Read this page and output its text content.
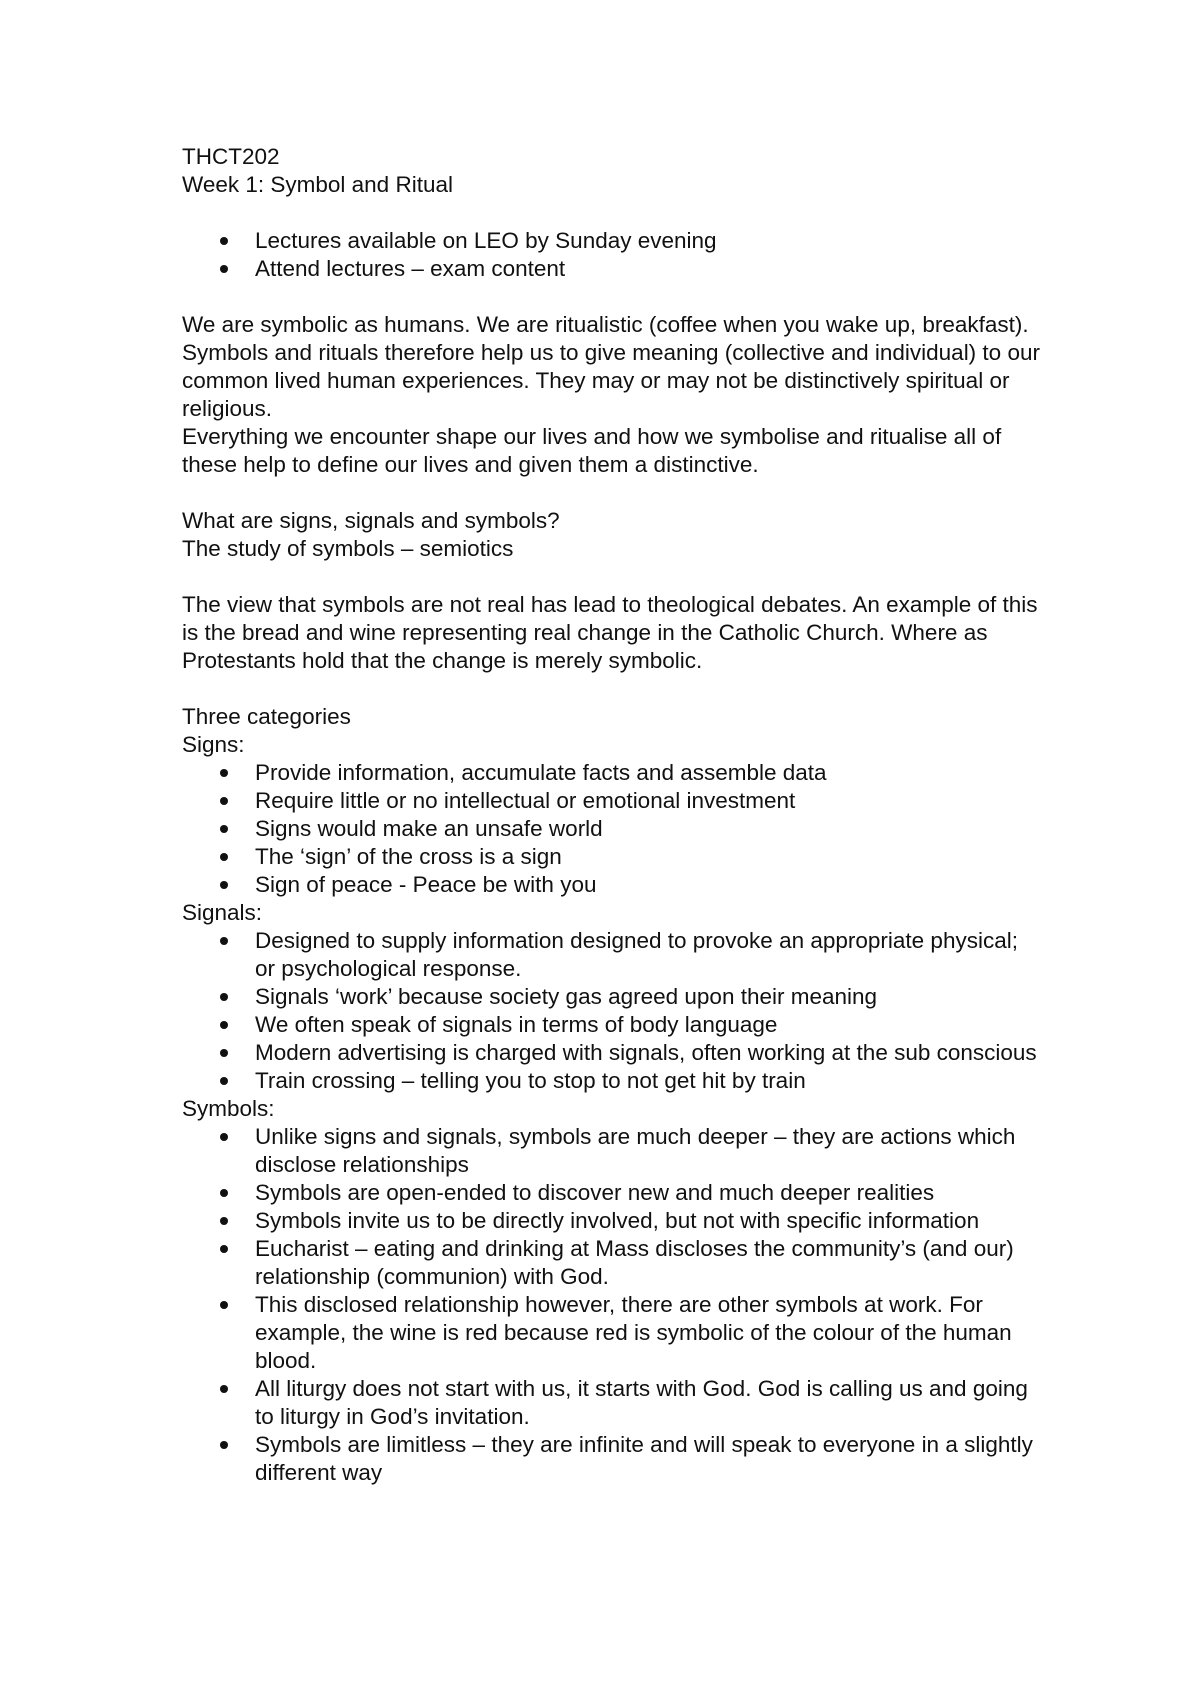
THCT202

Week 1: Symbol and Ritual

Lectures available on LEO by Sunday evening
Attend lectures – exam content

We are symbolic as humans. We are ritualistic (coffee when you wake up, breakfast). Symbols and rituals therefore help us to give meaning (collective and individual) to our common lived human experiences. They may or may not be distinctively spiritual or religious.

Everything we encounter shape our lives and how we symbolise and ritualise all of these help to define our lives and given them a distinctive.

What are signs, signals and symbols?

The study of symbols – semiotics

The view that symbols are not real has lead to theological debates. An example of this is the bread and wine representing real change in the Catholic Church. Where as Protestants hold that the change is merely symbolic.

Three categories

Signs:

Provide information, accumulate facts and assemble data
Require little or no intellectual or emotional investment
Signs would make an unsafe world
The ‘sign’ of the cross is a sign
Sign of peace - Peace be with you

Signals:

Designed to supply information designed to provoke an appropriate physical; or psychological response.
Signals ‘work’ because society gas agreed upon their meaning
We often speak of signals in terms of body language
Modern advertising is charged with signals, often working at the sub conscious
Train crossing – telling you to stop to not get hit by train

Symbols:

Unlike signs and signals, symbols are much deeper – they are actions which disclose relationships
Symbols are open-ended to discover new and much deeper realities
Symbols invite us to be directly involved, but not with specific information
Eucharist – eating and drinking at Mass discloses the community’s (and our) relationship (communion) with God.
This disclosed relationship however, there are other symbols at work. For example, the wine is red because red is symbolic of the colour of the human blood.
All liturgy does not start with us, it starts with God. God is calling us and going to liturgy in God’s invitation.
Symbols are limitless – they are infinite and will speak to everyone in a slightly different way
